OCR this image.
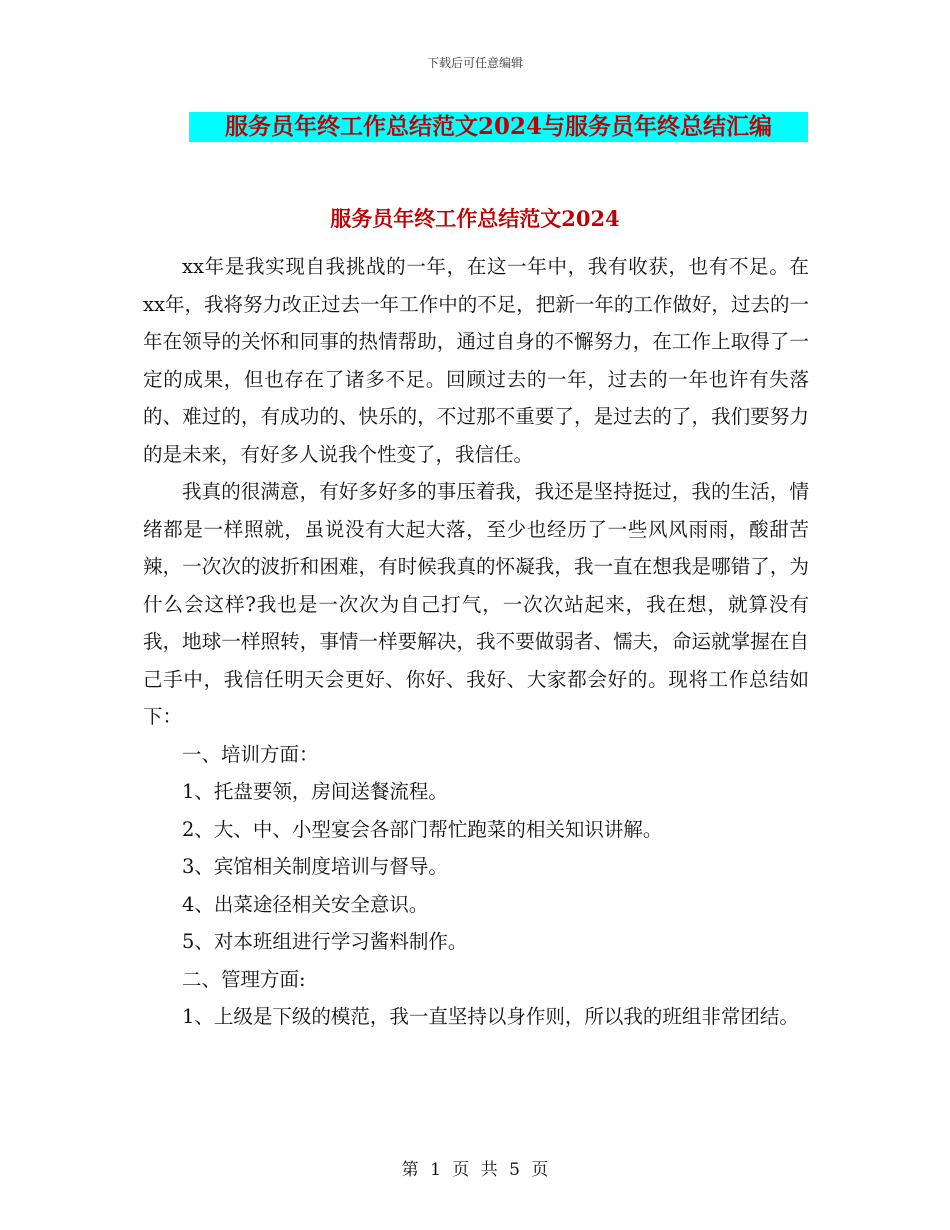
下载后可任意编辑
服务员年终工作总结范文2024与服务员年终总结汇编
服务员年终工作总结范文2024

xx年是我实现自我挑战的一年，在这一年中，我有收获，也有不足。在xx年，我将努力改正过去一年工作中的不足，把新一年的工作做好，过去的一年在领导的关怀和同事的热情帮助，通过自身的不懈努力，在工作上取得了一定的成果，但也存在了诸多不足。回顾过去的一年，过去的一年也许有失落的、难过的，有成功的、快乐的，不过那不重要了，是过去的了，我们要努力的是未来，有好多人说我个性变了，我信任。

我真的很满意，有好多好多的事压着我，我还是坚持挺过，我的生活，情绪都是一样照就，虽说没有大起大落，至少也经历了一些风风雨雨，酸甜苦辣，一次次的波折和困难，有时候我真的怀凝我，我一直在想我是哪错了，为什么会这样?我也是一次次为自己打气，一次次站起来，我在想，就算没有我，地球一样照转，事情一样要解决，我不要做弱者、懦夫，命运就掌握在自己手中，我信任明天会更好、你好、我好、大家都会好的。现将工作总结如下：

一、培训方面：

1、托盘要领，房间送餐流程。

2、大、中、小型宴会各部门帮忙跑菜的相关知识讲解。

3、宾馆相关制度培训与督导。

4、出菜途径相关安全意识。

5、对本班组进行学习酱料制作。

二、管理方面:

1、上级是下级的模范，我一直坚持以身作则，所以我的班组非常团结。

第 1 页 共 5 页
